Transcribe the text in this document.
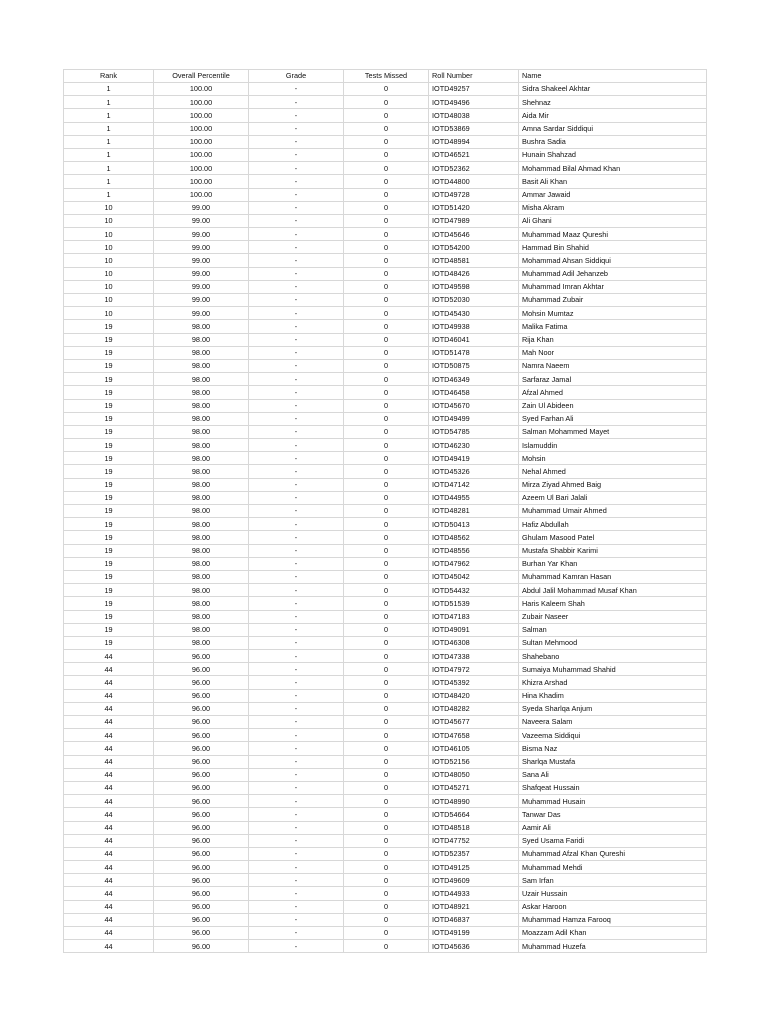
Rank	Overall Percentile	Grade	Tests Missed	Roll Number	Name
1	100.00	-	0	IOTD49257	Sidra Shakeel Akhtar
1	100.00	-	0	IOTD49496	Shehnaz
1	100.00	-	0	IOTD48038	Aida Mir
1	100.00	-	0	IOTD53869	Amna Sardar Siddiqui
1	100.00	-	0	IOTD48994	Bushra Sadia
1	100.00	-	0	IOTD46521	Hunain Shahzad
1	100.00	-	0	IOTD52362	Mohammad Bilal Ahmad Khan
1	100.00	-	0	IOTD44800	Basit Ali Khan
1	100.00	-	0	IOTD49728	Ammar Jawaid
10	99.00	-	0	IOTD51420	Misha Akram
10	99.00	-	0	IOTD47989	Ali Ghani
10	99.00	-	0	IOTD45646	Muhammad Maaz Qureshi
10	99.00	-	0	IOTD54200	Hammad Bin Shahid
10	99.00	-	0	IOTD48581	Mohammad Ahsan Siddiqui
10	99.00	-	0	IOTD48426	Muhammad Adil Jehanzeb
10	99.00	-	0	IOTD49598	Muhammad Imran Akhtar
10	99.00	-	0	IOTD52030	Muhammad Zubair
10	99.00	-	0	IOTD45430	Mohsin Mumtaz
19	98.00	-	0	IOTD49938	Malika Fatima
19	98.00	-	0	IOTD46041	Rija Khan
19	98.00	-	0	IOTD51478	Mah Noor
19	98.00	-	0	IOTD50875	Namra Naeem
19	98.00	-	0	IOTD46349	Sarfaraz Jamal
19	98.00	-	0	IOTD46458	Afzal Ahmed
19	98.00	-	0	IOTD45670	Zain Ul Abideen
19	98.00	-	0	IOTD49499	Syed Farhan Ali
19	98.00	-	0	IOTD54785	Salman Mohammed Mayet
19	98.00	-	0	IOTD46230	Islamuddin
19	98.00	-	0	IOTD49419	Mohsin
19	98.00	-	0	IOTD45326	Nehal Ahmed
19	98.00	-	0	IOTD47142	Mirza Ziyad Ahmed Baig
19	98.00	-	0	IOTD44955	Azeem Ul Bari Jalali
19	98.00	-	0	IOTD48281	Muhammad Umair Ahmed
19	98.00	-	0	IOTD50413	Hafiz Abdullah
19	98.00	-	0	IOTD48562	Ghulam Masood Patel
19	98.00	-	0	IOTD48556	Mustafa Shabbir Karimi
19	98.00	-	0	IOTD47962	Burhan Yar Khan
19	98.00	-	0	IOTD45042	Muhammad Kamran Hasan
19	98.00	-	0	IOTD54432	Abdul Jalil Mohammad Musaf Khan
19	98.00	-	0	IOTD51539	Haris Kaleem Shah
19	98.00	-	0	IOTD47183	Zubair Naseer
19	98.00	-	0	IOTD49091	Salman
19	98.00	-	0	IOTD46308	Sultan Mehmood
44	96.00	-	0	IOTD47338	Shahebano
44	96.00	-	0	IOTD47972	Sumaiya Muhammad Shahid
44	96.00	-	0	IOTD45392	Khizra Arshad
44	96.00	-	0	IOTD48420	Hina Khadim
44	96.00	-	0	IOTD48282	Syeda Sharlqa Anjum
44	96.00	-	0	IOTD45677	Naveera Salam
44	96.00	-	0	IOTD47658	Vazeema Siddiqui
44	96.00	-	0	IOTD46105	Bisma Naz
44	96.00	-	0	IOTD52156	Sharlqa Mustafa
44	96.00	-	0	IOTD48050	Sana Ali
44	96.00	-	0	IOTD45271	Shafqeat Hussain
44	96.00	-	0	IOTD48990	Muhammad Husain
44	96.00	-	0	IOTD54664	Tanwar Das
44	96.00	-	0	IOTD48518	Aamir Ali
44	96.00	-	0	IOTD47752	Syed Usama Faridi
44	96.00	-	0	IOTD52357	Muhammad Afzal Khan Qureshi
44	96.00	-	0	IOTD49125	Muhammad Mehdi
44	96.00	-	0	IOTD49609	Sam Irfan
44	96.00	-	0	IOTD44933	Uzair Hussain
44	96.00	-	0	IOTD48921	Askar Haroon
44	96.00	-	0	IOTD46837	Muhammad Hamza Farooq
44	96.00	-	0	IOTD49199	Moazzam Adil Khan
44	96.00	-	0	IOTD45636	Muhammad Huzefa
